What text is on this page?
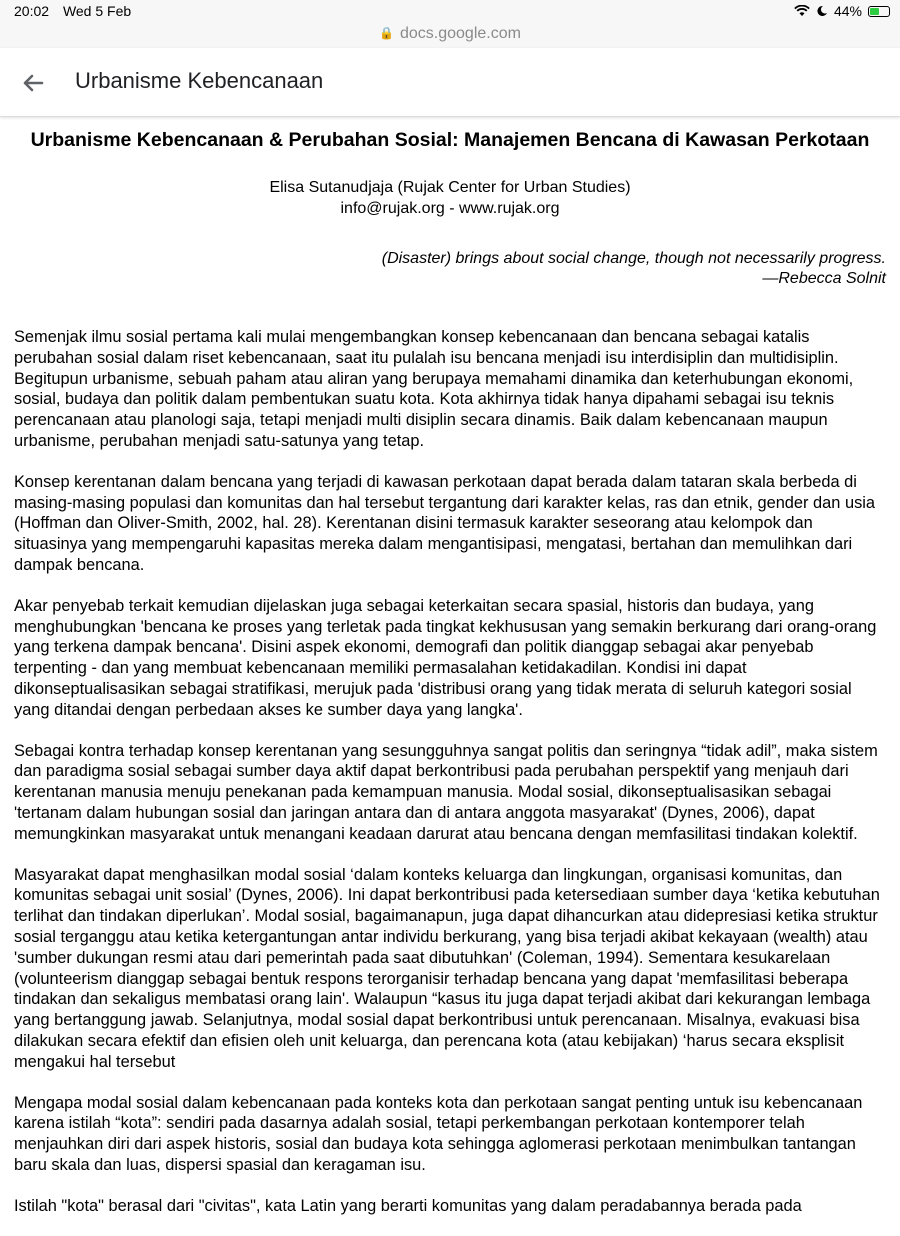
20:02 Wed 5 Feb	44%
🔒 docs.google.com
Urbanisme Kebencanaan
Urbanisme Kebencanaan & Perubahan Sosial: Manajemen Bencana di Kawasan Perkotaan
Elisa Sutanudjaja (Rujak Center for Urban Studies)
info@rujak.org - www.rujak.org
(Disaster) brings about social change, though not necessarily progress.
—Rebecca Solnit

Semenjak ilmu sosial pertama kali mulai mengembangkan konsep kebencanaan dan bencana sebagai katalis perubahan sosial dalam riset kebencanaan, saat itu pulalah isu bencana menjadi isu interdisiplin dan multidisiplin. Begitupun urbanisme, sebuah paham atau aliran yang berupaya memahami dinamika dan keterhubungan ekonomi, sosial, budaya dan politik dalam pembentukan suatu kota. Kota akhirnya tidak hanya dipahami sebagai isu teknis perencanaan atau planologi saja, tetapi menjadi multi disiplin secara dinamis. Baik dalam kebencanaan maupun urbanisme, perubahan menjadi satu-satunya yang tetap.

Konsep kerentanan dalam bencana yang terjadi di kawasan perkotaan dapat berada dalam tataran skala berbeda di masing-masing populasi dan komunitas dan hal tersebut tergantung dari karakter kelas, ras dan etnik, gender dan usia (Hoffman dan Oliver-Smith, 2002, hal. 28). Kerentanan disini termasuk karakter seseorang atau kelompok dan situasinya yang mempengaruhi kapasitas mereka dalam mengantisipasi, mengatasi, bertahan dan memulihkan dari dampak bencana.

Akar penyebab terkait kemudian dijelaskan juga sebagai keterkaitan secara spasial, historis dan budaya, yang menghubungkan 'bencana ke proses yang terletak pada tingkat kekhususan yang semakin berkurang dari orang-orang yang terkena dampak bencana'. Disini aspek ekonomi, demografi dan politik dianggap sebagai akar penyebab terpenting - dan yang membuat kebencanaan memiliki permasalahan ketidakadilan. Kondisi ini dapat dikonseptualisasikan sebagai stratifikasi, merujuk pada 'distribusi orang yang tidak merata di seluruh kategori sosial yang ditandai dengan perbedaan akses ke sumber daya yang langka'.

Sebagai kontra terhadap konsep kerentanan yang sesungguhnya sangat politis dan seringnya “tidak adil”, maka sistem dan paradigma sosial sebagai sumber daya aktif dapat berkontribusi pada perubahan perspektif yang menjauh dari kerentanan manusia menuju penekanan pada kemampuan manusia. Modal sosial, dikonseptualisasikan sebagai 'tertanam dalam hubungan sosial dan jaringan antara dan di antara anggota masyarakat' (Dynes, 2006), dapat memungkinkan masyarakat untuk menangani keadaan darurat atau bencana dengan memfasilitasi tindakan kolektif.

Masyarakat dapat menghasilkan modal sosial ‘dalam konteks keluarga dan lingkungan, organisasi komunitas, dan komunitas sebagai unit sosial’ (Dynes, 2006). Ini dapat berkontribusi pada ketersediaan sumber daya ‘ketika kebutuhan terlihat dan tindakan diperlukan’. Modal sosial, bagaimanapun, juga dapat dihancurkan atau didepresiasi ketika struktur sosial terganggu atau ketika ketergantungan antar individu berkurang, yang bisa terjadi akibat kekayaan (wealth) atau 'sumber dukungan resmi atau dari pemerintah pada saat dibutuhkan' (Coleman, 1994). Sementara kesukarelaan (volunteerism dianggap sebagai bentuk respons terorganisir terhadap bencana yang dapat 'memfasilitasi beberapa tindakan dan sekaligus membatasi orang lain'. Walaupun “kasus itu juga dapat terjadi akibat dari kekurangan lembaga yang bertanggung jawab. Selanjutnya, modal sosial dapat berkontribusi untuk perencanaan. Misalnya, evakuasi bisa dilakukan secara efektif dan efisien oleh unit keluarga, dan perencana kota (atau kebijakan) ‘harus secara eksplisit mengakui hal tersebut

Mengapa modal sosial dalam kebencanaan pada konteks kota dan perkotaan sangat penting untuk isu kebencanaan karena istilah “kota”: sendiri pada dasarnya adalah sosial, tetapi perkembangan perkotaan kontemporer telah menjauhkan diri dari aspek historis, sosial dan budaya kota sehingga aglomerasi perkotaan menimbulkan tantangan baru skala dan luas, dispersi spasial dan keragaman isu.

Istilah "kota" berasal dari "civitas", kata Latin yang berarti komunitas yang dalam peradabannya berada pada
